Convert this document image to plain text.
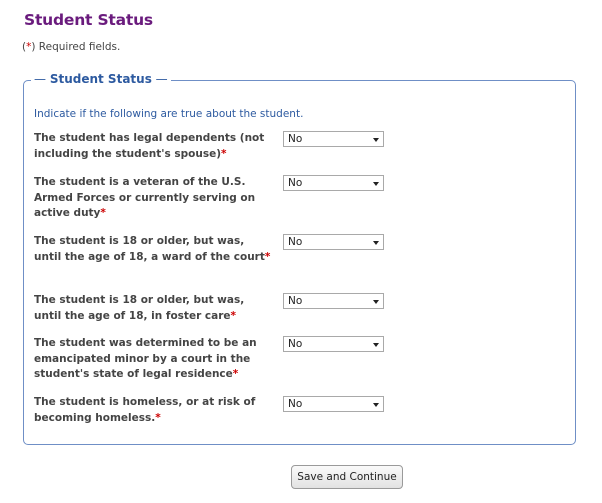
Student Status
(*) Required fields.
— Student Status —
Indicate if the following are true about the student.
The student has legal dependents (not including the student's spouse)*
No
The student is a veteran of the U.S. Armed Forces or currently serving on active duty*
No
The student is 18 or older, but was, until the age of 18, a ward of the court*
No
The student is 18 or older, but was, until the age of 18, in foster care*
No
The student was determined to be an emancipated minor by a court in the student's state of legal residence*
No
The student is homeless, or at risk of becoming homeless.*
No
Save and Continue
